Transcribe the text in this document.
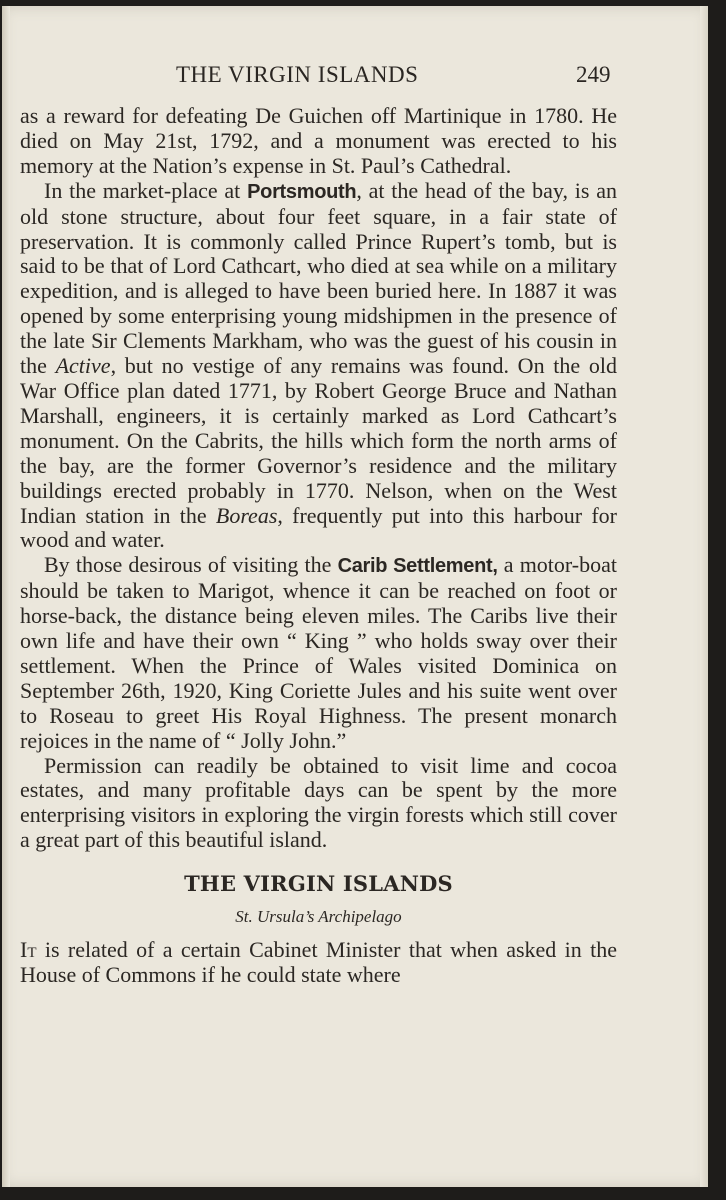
THE VIRGIN ISLANDS	249

as a reward for defeating De Guichen off Martinique in 1780. He died on May 21st, 1792, and a monument was erected to his memory at the Nation’s expense in St. Paul’s Cathedral.

In the market-place at Portsmouth, at the head of the bay, is an old stone structure, about four feet square, in a fair state of preservation. It is commonly called Prince Rupert’s tomb, but is said to be that of Lord Cathcart, who died at sea while on a military expedition, and is alleged to have been buried here. In 1887 it was opened by some enterprising young midshipmen in the presence of the late Sir Clements Markham, who was the guest of his cousin in the Active, but no vestige of any remains was found. On the old War Office plan dated 1771, by Robert George Bruce and Nathan Marshall, engineers, it is certainly marked as Lord Cathcart’s monument. On the Cabrits, the hills which form the north arms of the bay, are the former Governor’s residence and the military buildings erected probably in 1770. Nelson, when on the West Indian station in the Boreas, frequently put into this harbour for wood and water.

By those desirous of visiting the Carib Settlement, a motor-boat should be taken to Marigot, whence it can be reached on foot or horse-back, the distance being eleven miles. The Caribs live their own life and have their own “ King ” who holds sway over their settlement. When the Prince of Wales visited Dominica on September 26th, 1920, King Coriette Jules and his suite went over to Roseau to greet His Royal Highness. The present monarch rejoices in the name of “ Jolly John.”

Permission can readily be obtained to visit lime and cocoa estates, and many profitable days can be spent by the more enterprising visitors in exploring the virgin forests which still cover a great part of this beautiful island.

THE VIRGIN ISLANDS

St. Ursula’s Archipelago

It is related of a certain Cabinet Minister that when asked in the House of Commons if he could state where
